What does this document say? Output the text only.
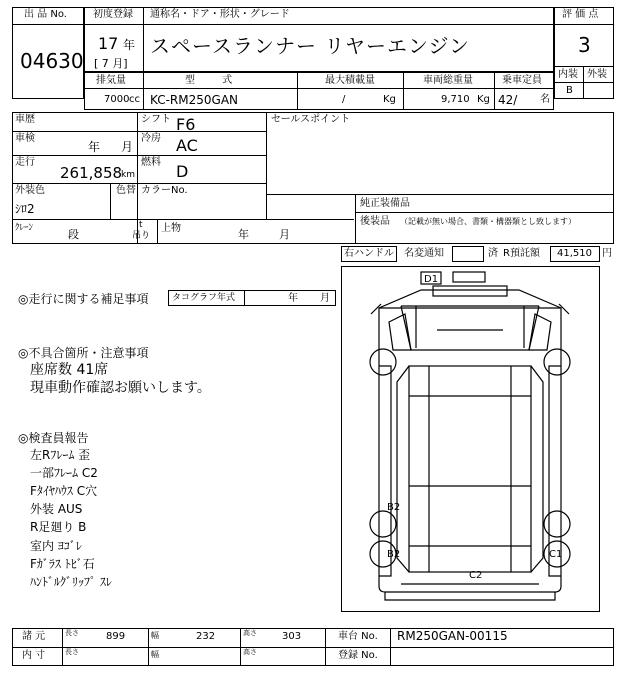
出 品 No.
04630
初度登録 通称名・ドア・形状・グレード
17 年
[ 7 月]
スペースランナー リヤーエンジン
評 価 点
3
内装 外装
B
排気量	型 式	最大積載量	車両総重量	乗車定員
7000 cc KC-RM250GAN	/	Kg	9,710 Kg 42/ 名
車歴	シフト F6
車検
年 月
冷房 AC
走行
261,858
km
燃料 D
外装色
ｼﾛ2
色替 カラーNo.
ｸﾚｰﾝ	段
t
吊り
上物	年	月
セールスポイント
純正装備品
後装品 （記載が無い場合、書類・構器類とし致します）
右ハンドル 名変通知	済 R預託額 41,510 円
◎走行に関する補足事項	タコグラフ年式	年 月
◎不具合箇所・注意事項
座席数 41席
現車動作確認お願いします。
◎検査員報告
左Rﾌﾚｰﾑ 歪
一部ﾌﾚｰﾑ C2
Fﾀｲﾔﾊｳｽ C穴
外装 AUS
R足廻り B
室内 ﾖｺﾞﾚ
Fｶﾞﾗｽ ﾄﾋﾞ石
ﾊﾝﾄﾞﾙｸﾞﾘｯﾌﾟ ｽﾚ
D1
B2
B2	C1
C2
諸 元	長さ	899	幅	232	高さ	303	車台 No. RM250GAN-00115
内 寸	長さ	幅	高さ	登録 No.
